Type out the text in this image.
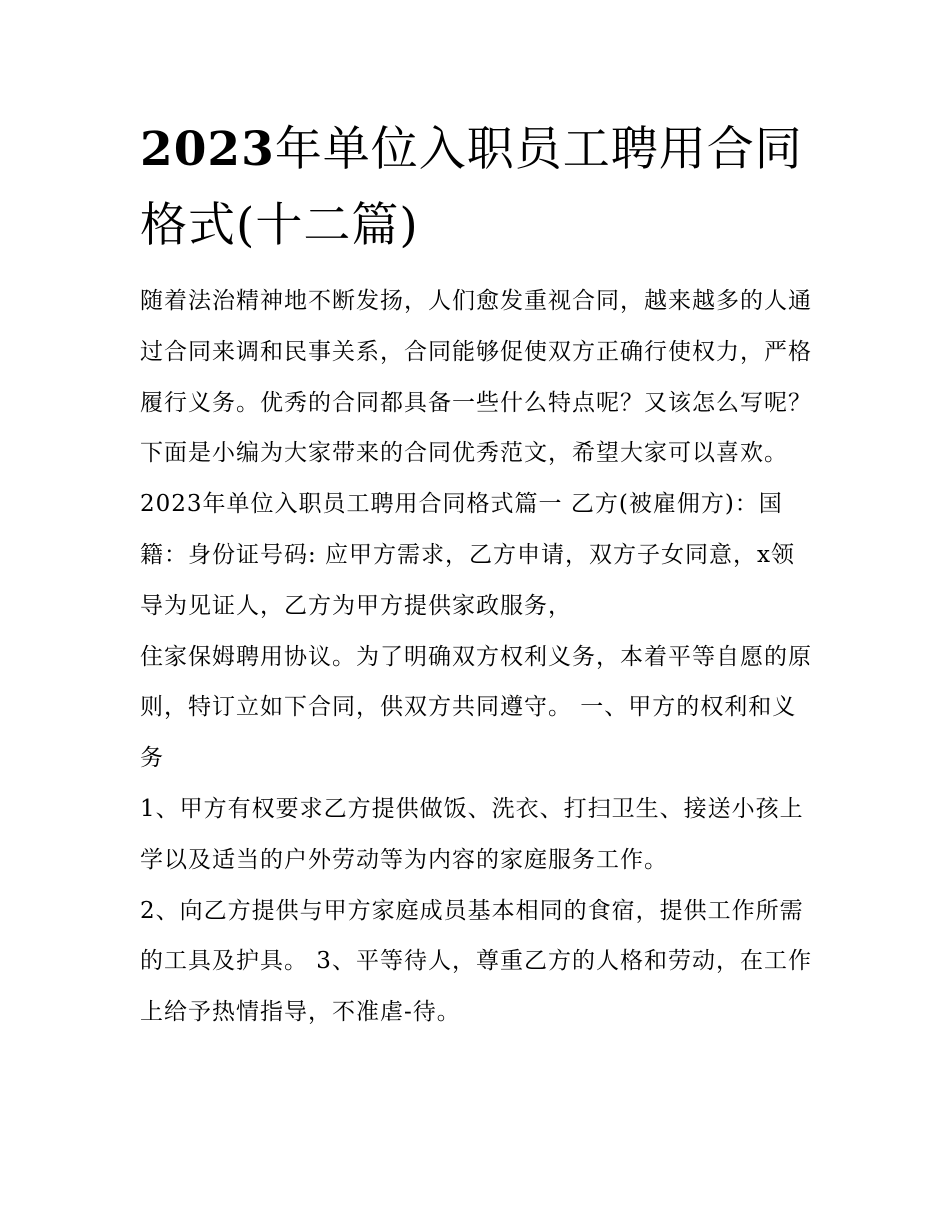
2023年单位入职员工聘用合同格式(十二篇)

随着法治精神地不断发扬，人们愈发重视合同，越来越多的人通过合同来调和民事关系，合同能够促使双方正确行使权力，严格履行义务。优秀的合同都具备一些什么特点呢？又该怎么写呢？下面是小编为大家带来的合同优秀范文，希望大家可以喜欢。

2023年单位入职员工聘用合同格式篇一 乙方(被雇佣方)：国籍：身份证号码: 应甲方需求，乙方申请，双方子女同意，x领导为见证人，乙方为甲方提供家政服务，

住家保姆聘用协议。为了明确双方权利义务，本着平等自愿的原则，特订立如下合同，供双方共同遵守。 一、甲方的权利和义务

1、甲方有权要求乙方提供做饭、洗衣、打扫卫生、接送小孩上学以及适当的户外劳动等为内容的家庭服务工作。

2、向乙方提供与甲方家庭成员基本相同的食宿，提供工作所需的工具及护具。 3、平等待人，尊重乙方的人格和劳动，在工作上给予热情指导，不准虐-待。
